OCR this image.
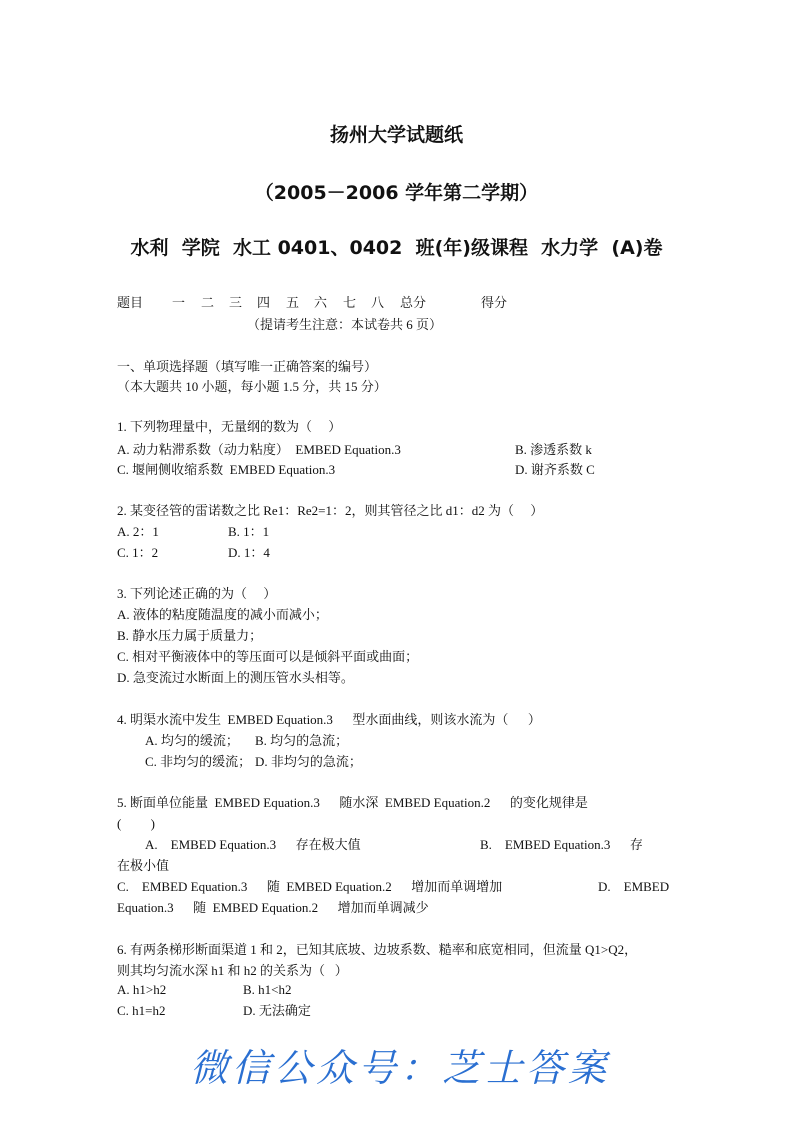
扬州大学试题纸
（2005－2006 学年第二学期）
水利  学院  水工 0401、0402  班(年)级课程  水力学  (A)卷
题目 一 二 三 四 五 六 七 八 总分	得分
（提请考生注意：本试卷共 6 页）
一、单项选择题（填写唯一正确答案的编号）
（本大题共 10 小题，每小题 1.5 分，共 15 分）
1. 下列物理量中，无量纲的数为（     ）
A. 动力粘滞系数（动力粘度）  EMBED Equation.3	B. 渗透系数 k
C. 堰闸侧收缩系数  EMBED Equation.3	D. 谢齐系数 C
2. 某变径管的雷诺数之比 Re1：Re2=1：2，则其管径之比 d1：d2 为（     ）
A. 2：1	B. 1：1
C. 1：2	D. 1：4
3. 下列论述正确的为（     ）
A. 液体的粘度随温度的减小而减小；
B. 静水压力属于质量力；
C. 相对平衡液体中的等压面可以是倾斜平面或曲面；
D. 急变流过水断面上的测压管水头相等。
4. 明渠水流中发生  EMBED Equation.3      型水面曲线，则该水流为（      ）
A. 均匀的缓流； B. 均匀的急流；
C. 非均匀的缓流； D. 非均匀的急流；
5. 断面单位能量  EMBED Equation.3      随水深  EMBED Equation.2      的变化规律是
(         )
A.    EMBED Equation.3      存在极大值	B.    EMBED Equation.3      存
在极小值
C.    EMBED Equation.3      随  EMBED Equation.2      增加而单调增加	D.    EMBED
Equation.3      随  EMBED Equation.2      增加而单调减少
6. 有两条梯形断面渠道 1 和 2，已知其底坡、边坡系数、糙率和底宽相同，但流量 Q1>Q2，
则其均匀流水深 h1 和 h2 的关系为（   ）
A. h1>h2	B. h1<h2
C. h1=h2	D. 无法确定
微信公众号：芝士答案
